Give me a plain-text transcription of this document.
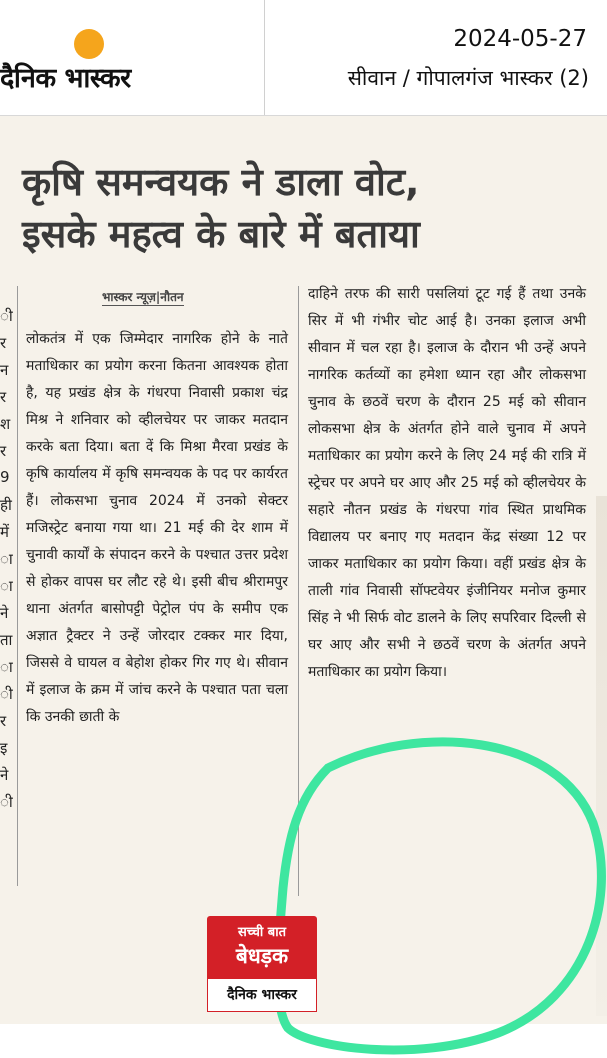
दैनिक भास्कर
2024-05-27
सीवान / गोपालगंज भास्कर (2)
कृषि समन्वयक ने डाला वोट,
इसके महत्व के बारे में बताया
ी
र
न
र
श
र
9
ही
में
ा
ा
ने
ता
ा
ी
र
इ
ने
ी
भास्कर न्यूज़|नौतन

लोकतंत्र में एक जिम्मेदार नागरिक होने के नाते मताधिकार का प्रयोग करना कितना आवश्यक होता है, यह प्रखंड क्षेत्र के गंधरपा निवासी प्रकाश चंद्र मिश्र ने शनिवार को व्हीलचेयर पर जाकर मतदान करके बता दिया। बता दें कि मिश्रा मैरवा प्रखंड के कृषि कार्यालय में कृषि समन्वयक के पद पर कार्यरत हैं। लोकसभा चुनाव 2024 में उनको सेक्टर मजिस्ट्रेट बनाया गया था। 21 मई की देर शाम में चुनावी कार्यों के संपादन करने के पश्चात उत्तर प्रदेश से होकर वापस घर लौट रहे थे। इसी बीच श्रीरामपुर थाना अंतर्गत बासोपट्टी पेट्रोल पंप के समीप एक अज्ञात ट्रैक्टर ने उन्हें जोरदार टक्कर मार दिया, जिससे वे घायल व बेहोश होकर गिर गए थे। सीवान में इलाज के क्रम में जांच करने के पश्चात पता चला कि उनकी छाती के

दाहिने तरफ की सारी पसलियां टूट गई हैं तथा उनके सिर में भी गंभीर चोट आई है। उनका इलाज अभी सीवान में चल रहा है। इलाज के दौरान भी उन्हें अपने नागरिक कर्तव्यों का हमेशा ध्यान रहा और लोकसभा चुनाव के छठवें चरण के दौरान 25 मई को सीवान लोकसभा क्षेत्र के अंतर्गत होने वाले चुनाव में अपने मताधिकार का प्रयोग करने के लिए 24 मई की रात्रि में स्ट्रेचर पर अपने घर आए और 25 मई को व्हीलचेयर के सहारे नौतन प्रखंड के गंधरपा गांव स्थित प्राथमिक विद्यालय पर बनाए गए मतदान केंद्र संख्या 12 पर जाकर मताधिकार का प्रयोग किया। वहीं प्रखंड क्षेत्र के ताली गांव निवासी सॉफ्टवेयर इंजीनियर मनोज कुमार सिंह ने भी सिर्फ वोट डालने के लिए सपरिवार दिल्ली से घर आए और सभी ने छठवें चरण के अंतर्गत अपने मताधिकार का प्रयोग किया।

सच्ची बात
बेधड़क
दैनिक भास्कर
